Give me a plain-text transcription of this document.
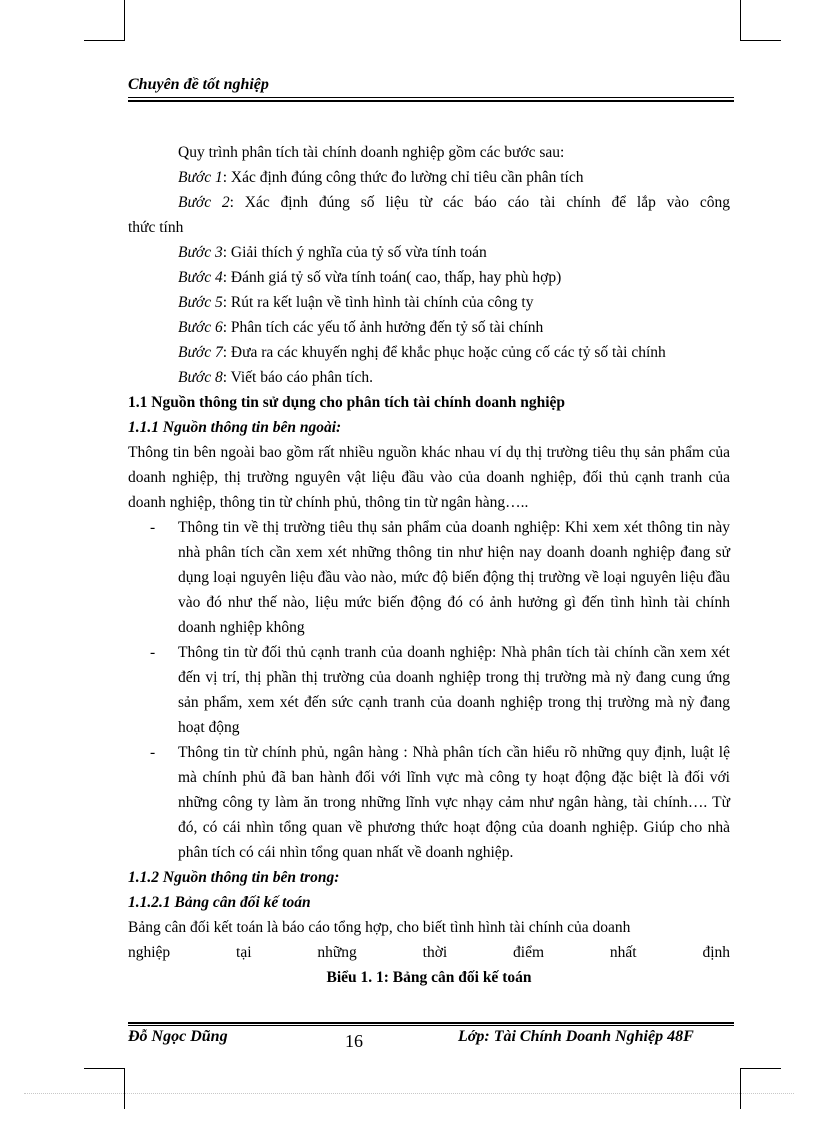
Chuyên đề tốt nghiệp

Quy trình phân tích tài chính doanh nghiệp gồm các bước sau:

Bước 1: Xác định đúng công thức đo lường chỉ tiêu cần phân tích

Bước 2: Xác định đúng số liệu từ các báo cáo tài chính để lắp vào công

thức tính

Bước 3: Giải thích ý nghĩa của tỷ số vừa tính toán

Bước 4: Đánh giá tỷ số vừa tính toán( cao, thấp, hay phù hợp)

Bước 5: Rút ra kết luận về tình hình tài chính của công ty

Bước 6: Phân tích các yếu tố ảnh hưởng đến tỷ số tài chính

Bước 7: Đưa ra các khuyến nghị để khắc phục hoặc củng cố các tỷ số tài chính

Bước 8: Viết báo cáo phân tích.

1.1 Nguồn thông tin sử dụng cho phân tích tài chính doanh nghiệp

1.1.1 Nguồn thông tin bên ngoài:

Thông tin bên ngoài bao gồm rất nhiều nguồn khác nhau ví dụ thị trường tiêu thụ sản phẩm của doanh nghiệp, thị trường nguyên vật liệu đầu vào của doanh nghiệp, đối thủ cạnh tranh của doanh nghiệp, thông tin từ chính phủ, thông tin từ ngân hàng…..

- Thông tin về thị trường tiêu thụ sản phẩm của doanh nghiệp: Khi xem xét thông tin này nhà phân tích cần xem xét những thông tin như hiện nay doanh doanh nghiệp đang sử dụng loại nguyên liệu đầu vào nào, mức độ biến động thị trường về loại nguyên liệu đầu vào đó như thế nào, liệu mức biến động đó có ảnh hưởng gì đến tình hình tài chính doanh nghiệp không

- Thông tin từ đối thủ cạnh tranh của doanh nghiệp: Nhà phân tích tài chính cần xem xét đến vị trí, thị phần thị trường của doanh nghiệp trong thị trường mà nỳ đang cung ứng sản phẩm, xem xét đến sức cạnh tranh của doanh nghiệp trong thị trường mà nỳ đang hoạt động

- Thông tin từ chính phủ, ngân hàng : Nhà phân tích cần hiểu rõ những quy định, luật lệ mà chính phủ đã ban hành đối với lĩnh vực mà công ty hoạt động đặc biệt là đối với những công ty làm ăn trong những lĩnh vực nhạy cảm như ngân hàng, tài chính…. Từ đó, có cái nhìn tổng quan về phương thức hoạt động của doanh nghiệp. Giúp cho nhà phân tích có cái nhìn tổng quan nhất về doanh nghiệp.

1.1.2 Nguồn thông tin bên trong:

1.1.2.1 Bảng cân đối kế toán

Bảng cân đối kết toán là báo cáo tổng hợp, cho biết tình hình tài chính của doanh

nghiệp tại những thời điểm nhất định

Biểu 1. 1: Bảng cân đối kế toán

Đỗ Ngọc Dũng	16	Lớp: Tài Chính Doanh Nghiệp 48F
